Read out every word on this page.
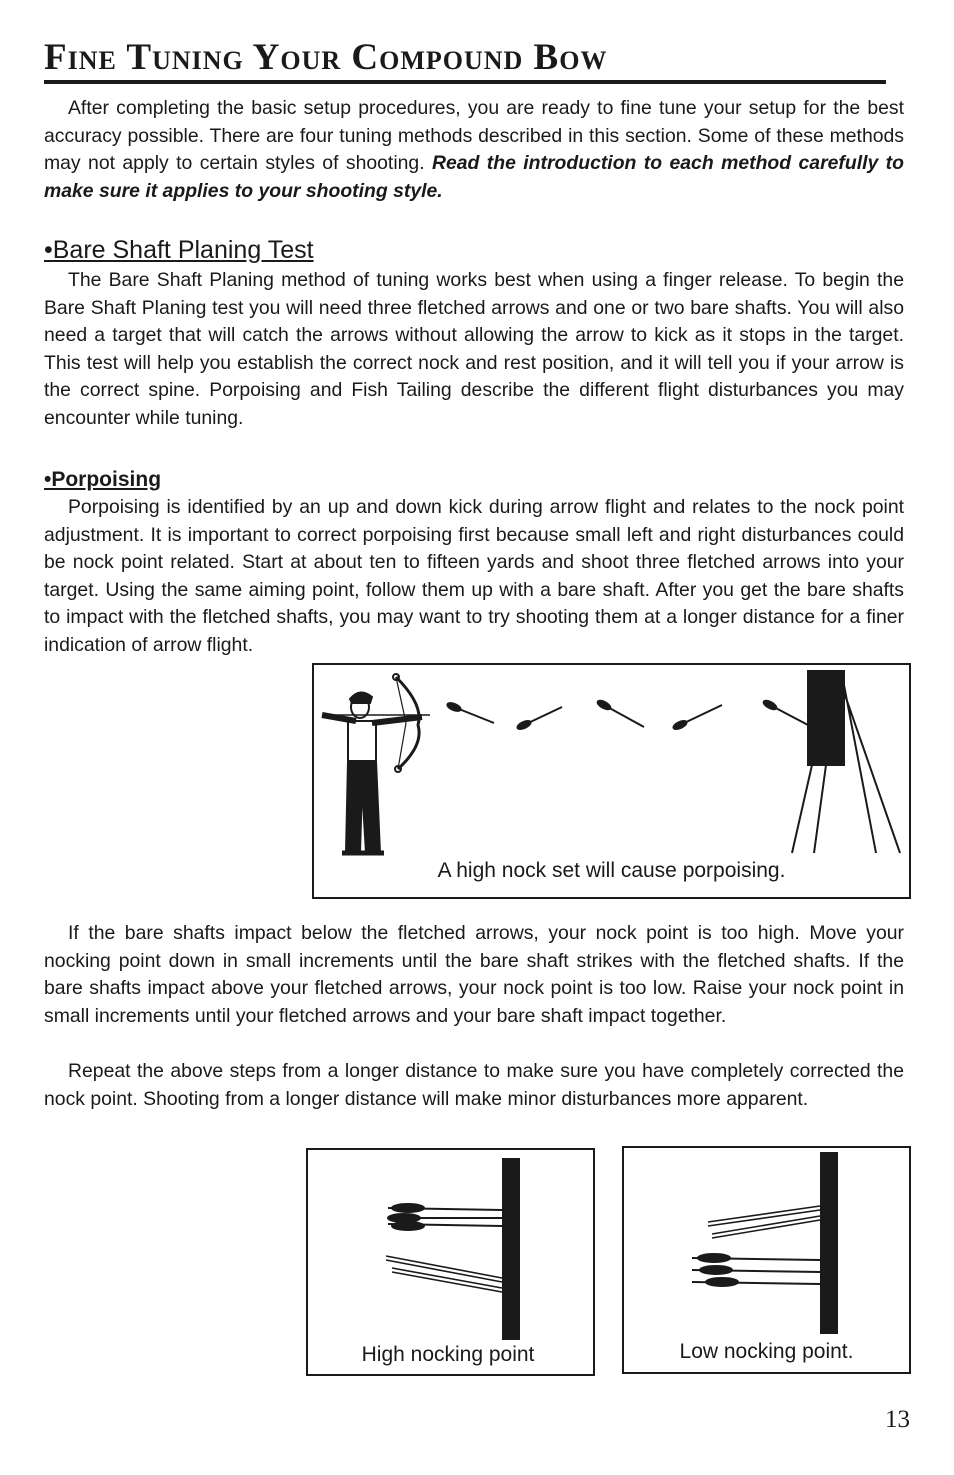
Fine Tuning Your Compound Bow

After completing the basic setup procedures, you are ready to fine tune your setup for the best accuracy possible. There are four tuning methods described in this section. Some of these methods may not apply to certain styles of shooting. Read the introduction to each method carefully to make sure it applies to your shooting style.

•Bare Shaft Planing Test

The Bare Shaft Planing method of tuning works best when using a finger release. To begin the Bare Shaft Planing test you will need three fletched arrows and one or two bare shafts. You will also need a target that will catch the arrows without allowing the arrow to kick as it stops in the target. This test will help you establish the correct nock and rest position, and it will tell you if your arrow is the correct spine. Porpoising and Fish Tailing describe the different flight disturbances you may encounter while tuning.

•Porpoising

Porpoising is identified by an up and down kick during arrow flight and relates to the nock point adjustment. It is important to correct porpoising first because small left and right disturbances could be nock point related. Start at about ten to fifteen yards and shoot three fletched arrows into your target. Using the same aiming point, follow them up with a bare shaft. After you get the bare shafts to impact with the fletched shafts, you may want to try shooting them at a longer distance for a finer indication of arrow flight.

A high nock set will cause porpoising.

If the bare shafts impact below the fletched arrows, your nock point is too high. Move your nocking point down in small increments until the bare shaft strikes with the fletched shafts. If the bare shafts impact above your fletched arrows, your nock point is too low. Raise your nock point in small increments until your fletched arrows and your bare shaft impact together.

Repeat the above steps from a longer distance to make sure you have completely corrected the nock point. Shooting from a longer distance will make minor disturbances more apparent.

High nocking point	Low nocking point.
13
